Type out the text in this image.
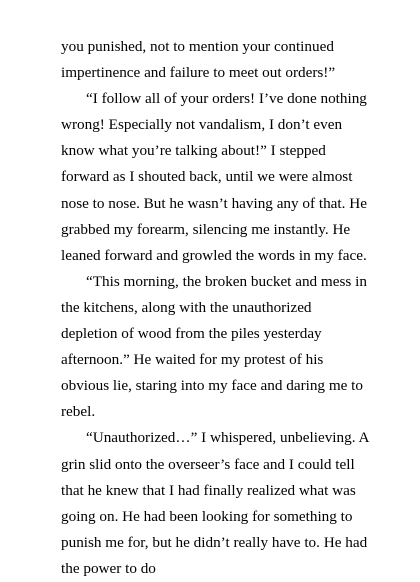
you punished, not to mention your continued impertinence and failure to meet out orders!”

“I follow all of your orders! I’ve done nothing wrong! Especially not vandalism, I don’t even know what you’re talking about!” I stepped forward as I shouted back, until we were almost nose to nose. But he wasn’t having any of that. He grabbed my forearm, silencing me instantly. He leaned forward and growled the words in my face.

“This morning, the broken bucket and mess in the kitchens, along with the unauthorized depletion of wood from the piles yesterday afternoon.” He waited for my protest of his obvious lie, staring into my face and daring me to rebel.

“Unauthorized…” I whispered, unbelieving. A grin slid onto the overseer’s face and I could tell that he knew that I had finally realized what was going on. He had been looking for something to punish me for, but he didn’t really have to. He had the power to do
